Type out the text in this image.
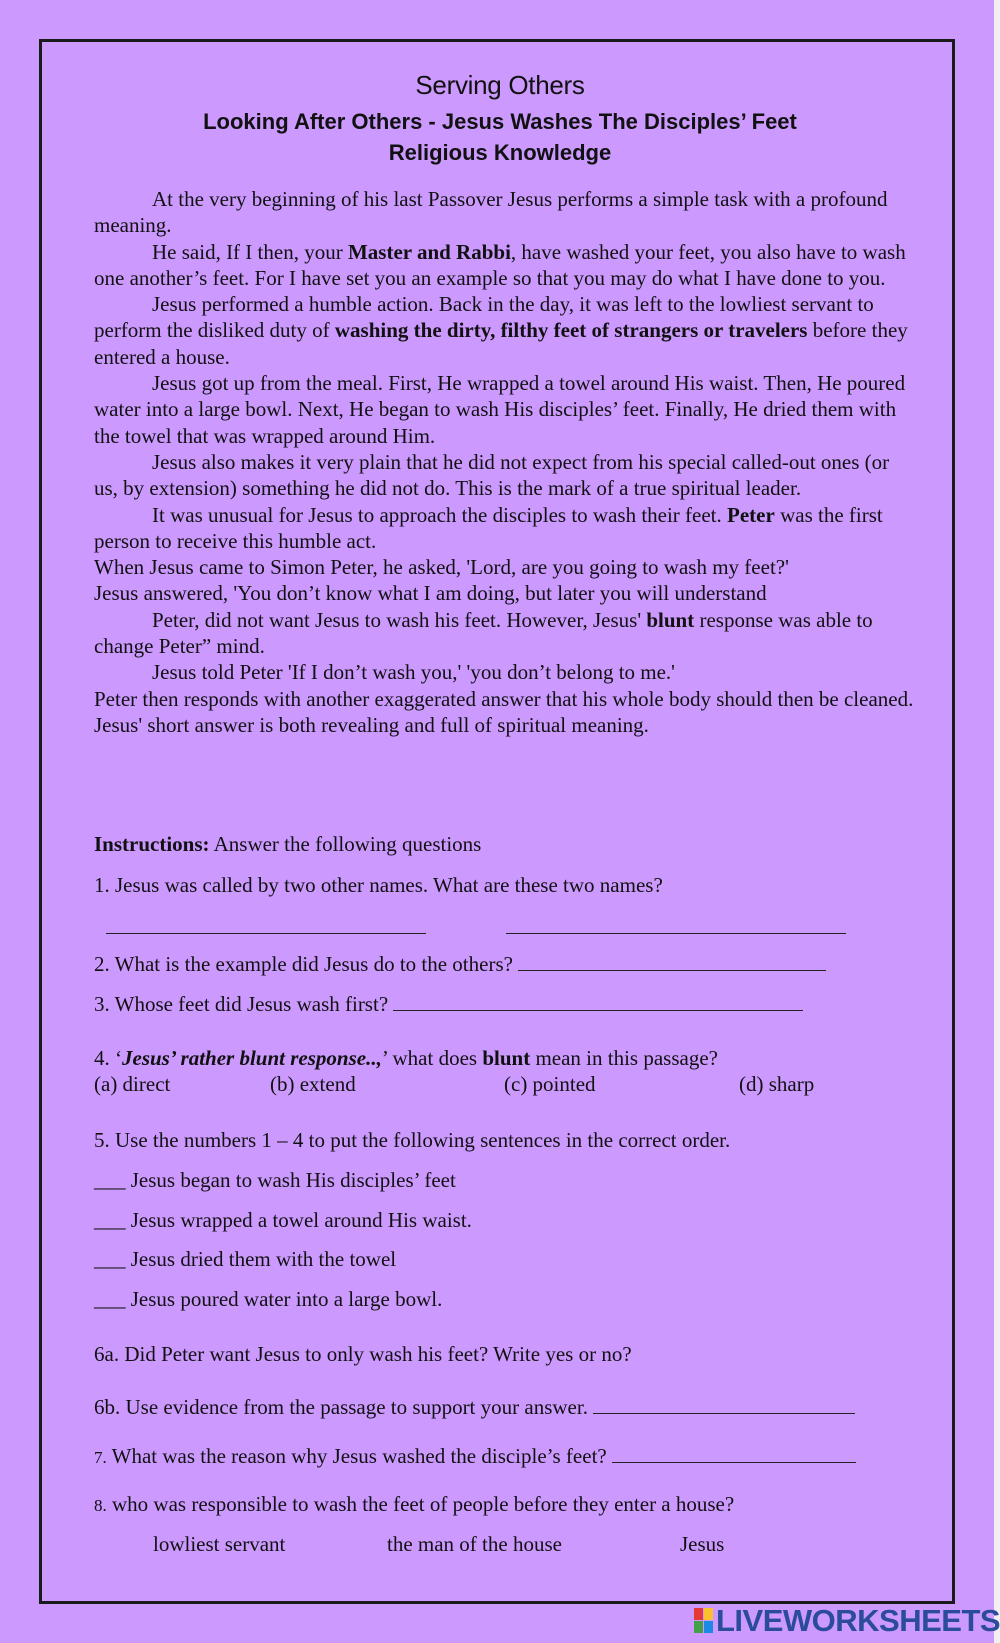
Serving Others
Looking After Others - Jesus Washes The Disciples’ Feet
Religious Knowledge

At the very beginning of his last Passover Jesus performs a simple task with a profound meaning.

He said, If I then, your Master and Rabbi, have washed your feet, you also have to wash one another’s feet. For I have set you an example so that you may do what I have done to you.

Jesus performed a humble action. Back in the day, it was left to the lowliest servant to perform the disliked duty of washing the dirty, filthy feet of strangers or travelers before they entered a house.

Jesus got up from the meal. First, He wrapped a towel around His waist. Then, He poured water into a large bowl. Next, He began to wash His disciples’ feet. Finally, He dried them with the towel that was wrapped around Him.

Jesus also makes it very plain that he did not expect from his special called-out ones (or us, by extension) something he did not do. This is the mark of a true spiritual leader.

It was unusual for Jesus to approach the disciples to wash their feet. Peter was the first person to receive this humble act.

When Jesus came to Simon Peter, he asked, 'Lord, are you going to wash my feet?'

Jesus answered, 'You don’t know what I am doing, but later you will understand

Peter, did not want Jesus to wash his feet. However, Jesus' blunt response was able to change Peter” mind.

Jesus told Peter 'If I don’t wash you,' 'you don’t belong to me.'

Peter then responds with another exaggerated answer that his whole body should then be cleaned. Jesus' short answer is both revealing and full of spiritual meaning.

Instructions: Answer the following questions
1. Jesus was called by two other names. What are these two names?
2. What is the example did Jesus do to the others?
3. Whose feet did Jesus wash first?
4. ‘Jesus’ rather blunt response..,’ what does blunt mean in this passage?
(a) direct	(b) extend	(c) pointed	(d) sharp
5. Use the numbers 1 – 4 to put the following sentences in the correct order.
___ Jesus began to wash His disciples’ feet
___ Jesus wrapped a towel around His waist.
___ Jesus dried them with the towel
___ Jesus poured water into a large bowl.
6a. Did Peter want Jesus to only wash his feet? Write yes or no?
6b. Use evidence from the passage to support your answer.
7. What was the reason why Jesus washed the disciple’s feet?
8. who was responsible to wash the feet of people before they enter a house?
lowliest servant	the man of the house	Jesus
LIVEWORKSHEETS
